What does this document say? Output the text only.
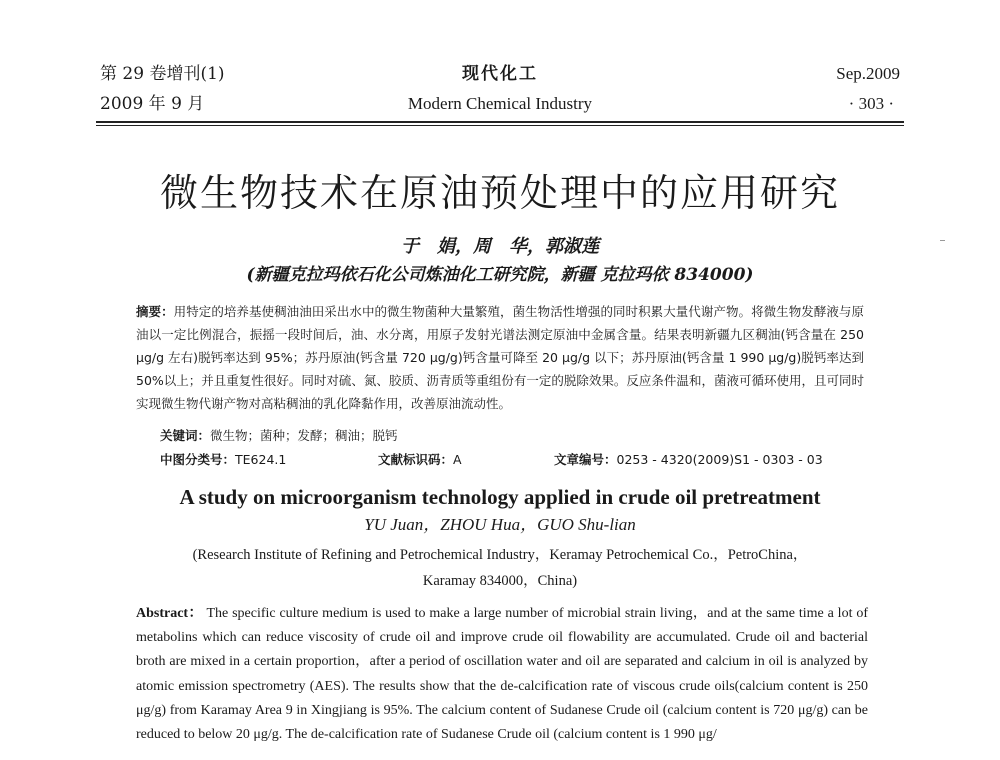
第 29 卷增刊(1)
2009 年 9 月
现代化工
Modern Chemical Industry
Sep.2009
· 303 ·
微生物技术在原油预处理中的应用研究
于　娟，周　华，郭淑莲
(新疆克拉玛依石化公司炼油化工研究院，新疆 克拉玛依 834000)
摘要：用特定的培养基使稠油油田采出水中的微生物菌种大量繁殖，菌生物活性增强的同时积累大量代谢产物。将微生物发酵液与原油以一定比例混合，振摇一段时间后，油、水分离，用原子发射光谱法测定原油中金属含量。结果表明新疆九区稠油(钙含量在 250 μg/g 左右)脱钙率达到 95%；苏丹原油(钙含量 720 μg/g)钙含量可降至 20 μg/g 以下；苏丹原油(钙含量 1 990 μg/g)脱钙率达到 50%以上；并且重复性很好。同时对硫、氮、胶质、沥青质等重组份有一定的脱除效果。反应条件温和，菌液可循环使用，且可同时实现微生物代谢产物对高粘稠油的乳化降黏作用，改善原油流动性。
关键词：微生物；菌种；发酵；稠油；脱钙
中图分类号：TE624.1	文献标识码：A	文章编号：0253 - 4320(2009)S1 - 0303 - 03
A study on microorganism technology applied in crude oil pretreatment
YU Juan，ZHOU Hua，GUO Shu-lian
(Research Institute of Refining and Petrochemical Industry，Keramay Petrochemical Co.，PetroChina，
Karamay 834000，China)
Abstract： The specific culture medium is used to make a large number of microbial strain living，and at the same time a lot of metabolins which can reduce viscosity of crude oil and improve crude oil flowability are accumulated. Crude oil and bacterial broth are mixed in a certain proportion，after a period of oscillation water and oil are separated and calcium in oil is analyzed by atomic emission spectrometry (AES). The results show that the de-calcification rate of viscous crude oils(calcium content is 250 μg/g) from Karamay Area 9 in Xingjiang is 95%. The calcium content of Sudanese Crude oil (calcium content is 720 μg/g) can be reduced to below 20 μg/g. The de-calcification rate of Sudanese Crude oil (calcium content is 1 990 μg/
